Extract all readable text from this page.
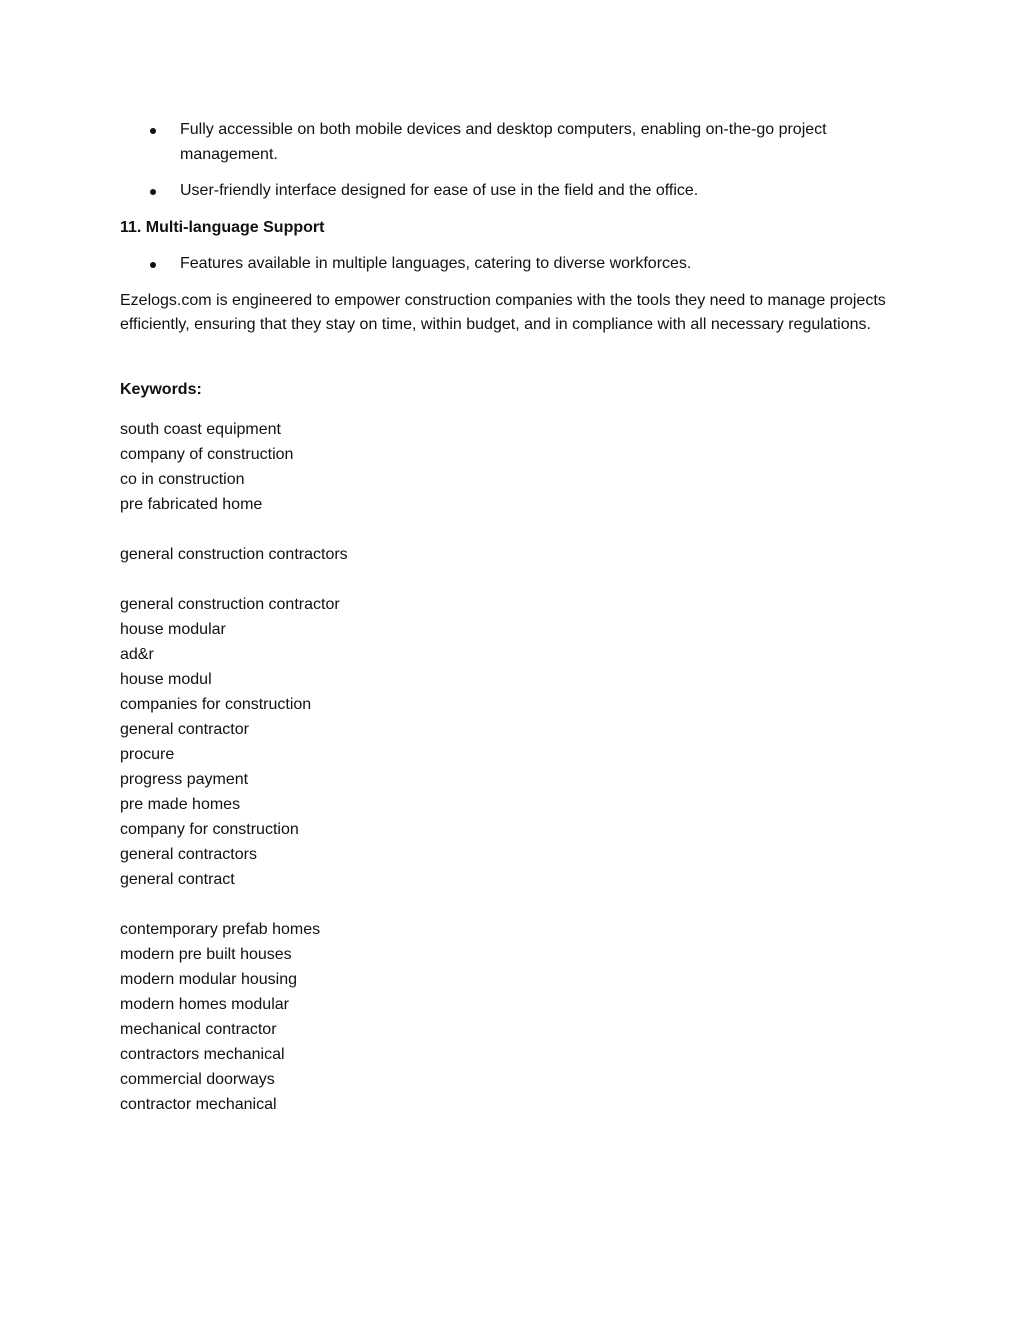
Fully accessible on both mobile devices and desktop computers, enabling on-the-go project management.
User-friendly interface designed for ease of use in the field and the office.
11. Multi-language Support
Features available in multiple languages, catering to diverse workforces.

Ezelogs.com is engineered to empower construction companies with the tools they need to manage projects efficiently, ensuring that they stay on time, within budget, and in compliance with all necessary regulations.

Keywords:
south coast equipment
company of construction
co in construction
pre fabricated home
general construction contractors
general construction contractor
house modular
ad&r
house modul
companies for construction
general contractor
procure
progress payment
pre made homes
company for construction
general contractors
general contract
contemporary prefab homes
modern pre built houses
modern modular housing
modern homes modular
mechanical contractor
contractors mechanical
commercial doorways
contractor mechanical
